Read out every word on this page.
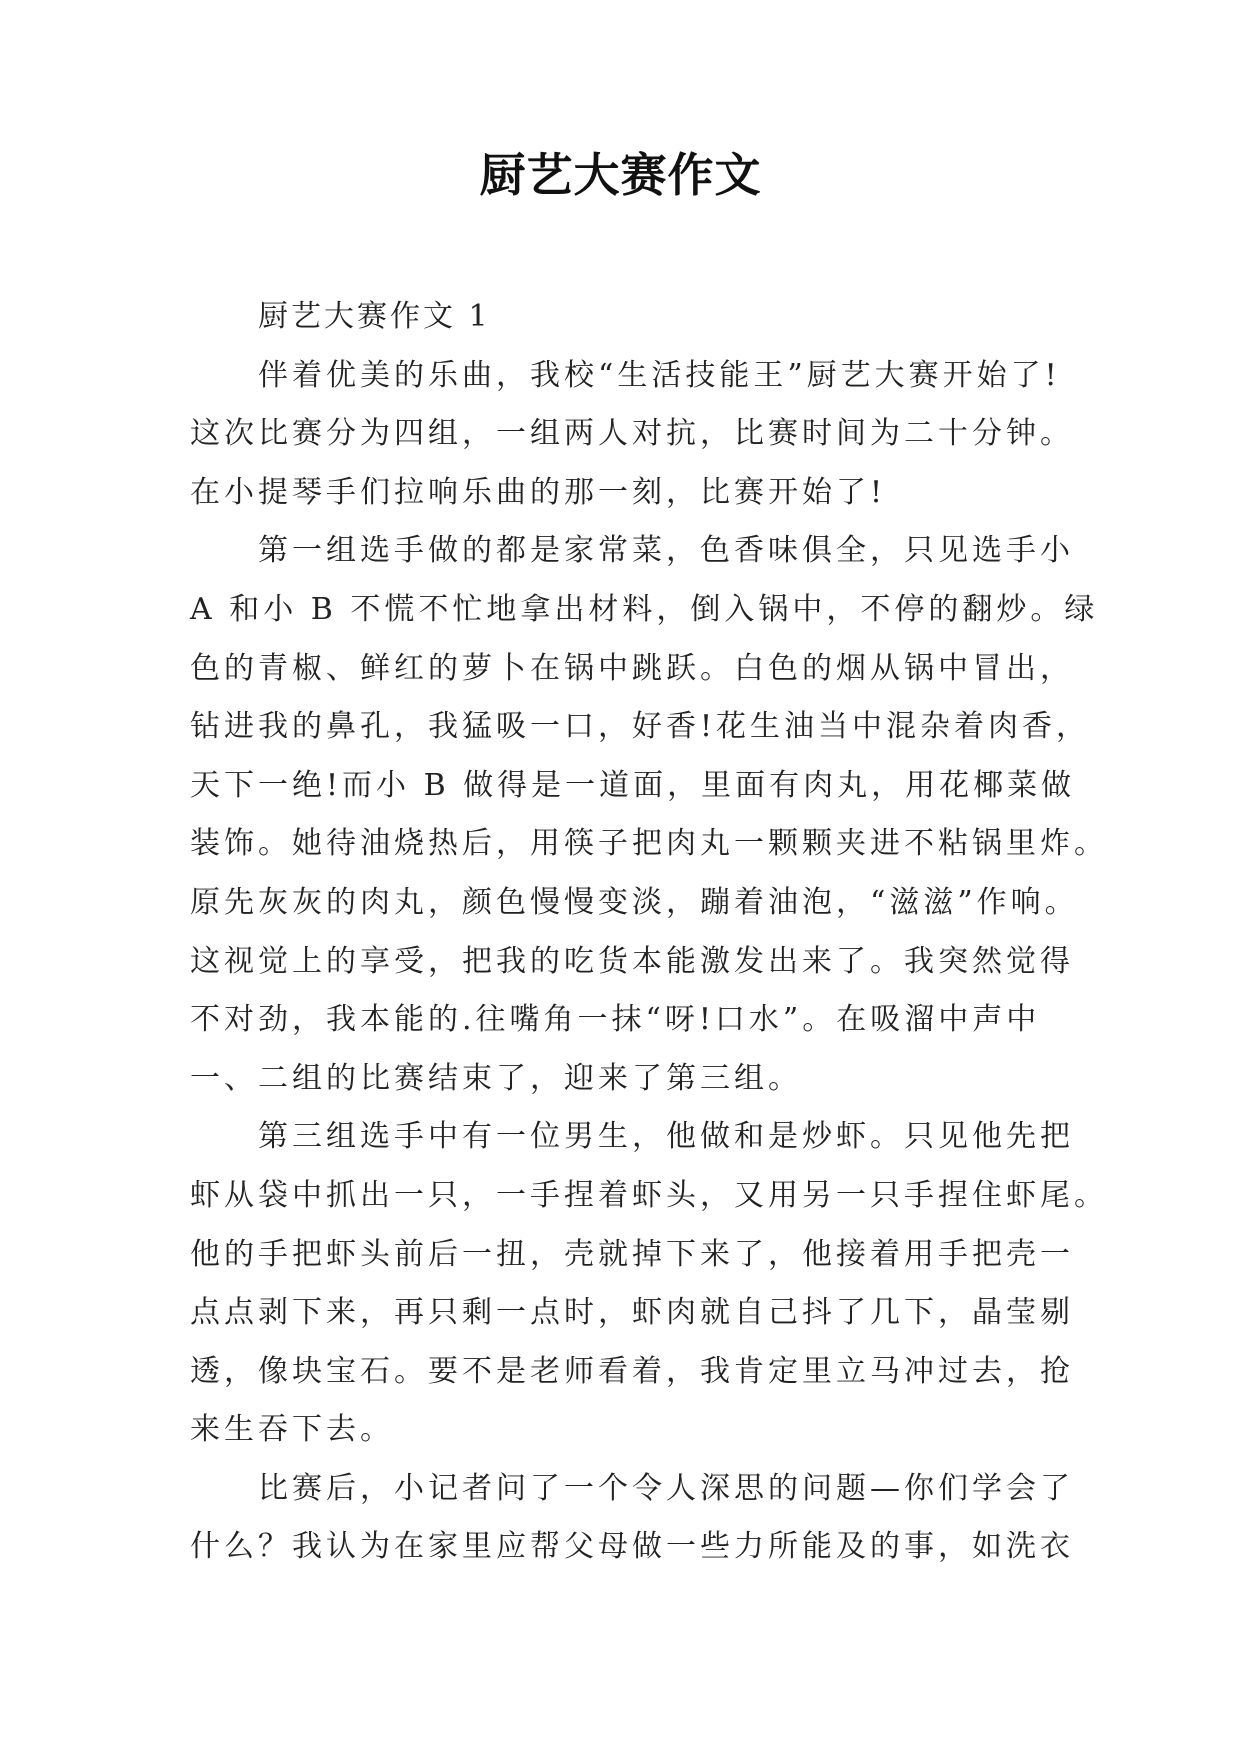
厨艺大赛作文
厨艺大赛作文 1
伴着优美的乐曲，我校“生活技能王”厨艺大赛开始了!
这次比赛分为四组，一组两人对抗，比赛时间为二十分钟。
在小提琴手们拉响乐曲的那一刻，比赛开始了!
第一组选手做的都是家常菜，色香味俱全，只见选手小
A 和小 B 不慌不忙地拿出材料，倒入锅中，不停的翻炒。绿
色的青椒、鲜红的萝卜在锅中跳跃。白色的烟从锅中冒出，
钻进我的鼻孔，我猛吸一口，好香!花生油当中混杂着肉香，
天下一绝!而小 B 做得是一道面，里面有肉丸，用花椰菜做
装饰。她待油烧热后，用筷子把肉丸一颗颗夹进不粘锅里炸。
原先灰灰的肉丸，颜色慢慢变淡，蹦着油泡，“滋滋”作响。
这视觉上的享受，把我的吃货本能激发出来了。我突然觉得
不对劲，我本能的.往嘴角一抹“呀!口水”。在吸溜中声中
一、二组的比赛结束了，迎来了第三组。
第三组选手中有一位男生，他做和是炒虾。只见他先把
虾从袋中抓出一只，一手捏着虾头，又用另一只手捏住虾尾。
他的手把虾头前后一扭，壳就掉下来了，他接着用手把壳一
点点剥下来，再只剩一点时，虾肉就自己抖了几下，晶莹剔
透，像块宝石。要不是老师看着，我肯定里立马冲过去，抢
来生吞下去。
比赛后，小记者问了一个令人深思的问题—你们学会了
什么？我认为在家里应帮父母做一些力所能及的事，如洗衣
